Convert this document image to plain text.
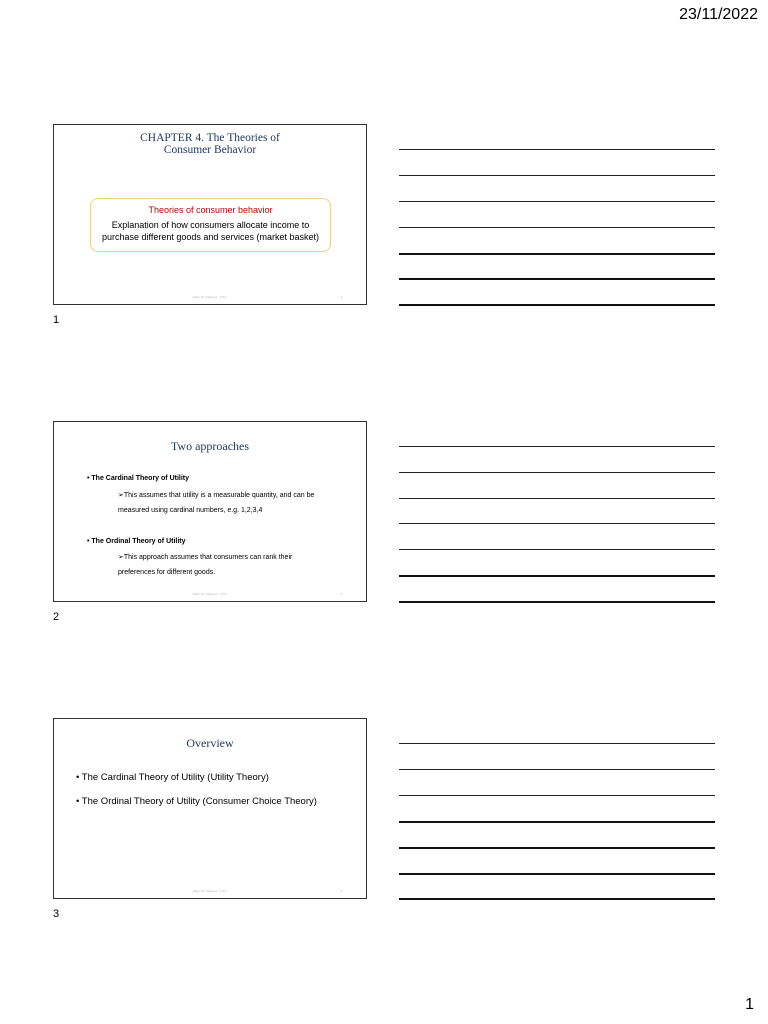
23/11/2022
CHAPTER 4. The Theories of
Consumer Behavior
Theories of consumer behavior
Explanation of how consumers allocate income to
purchase different goods and services (market basket)
Dam Do Nguyet - FTU	1
1
Two approaches
• The Cardinal Theory of Utility
➢This assumes that utility is a measurable quantity, and can be
measured using cardinal numbers, e.g. 1,2,3,4
• The Ordinal Theory of Utility
➢This approach assumes that consumers can rank their
preferences for different goods.
Dam Do Nguyet - FTU	2
2
Overview
• The Cardinal Theory of Utility (Utility Theory)
• The Ordinal Theory of Utility (Consumer Choice Theory)
Dam Do Nguyet - FTU	3
3
1
